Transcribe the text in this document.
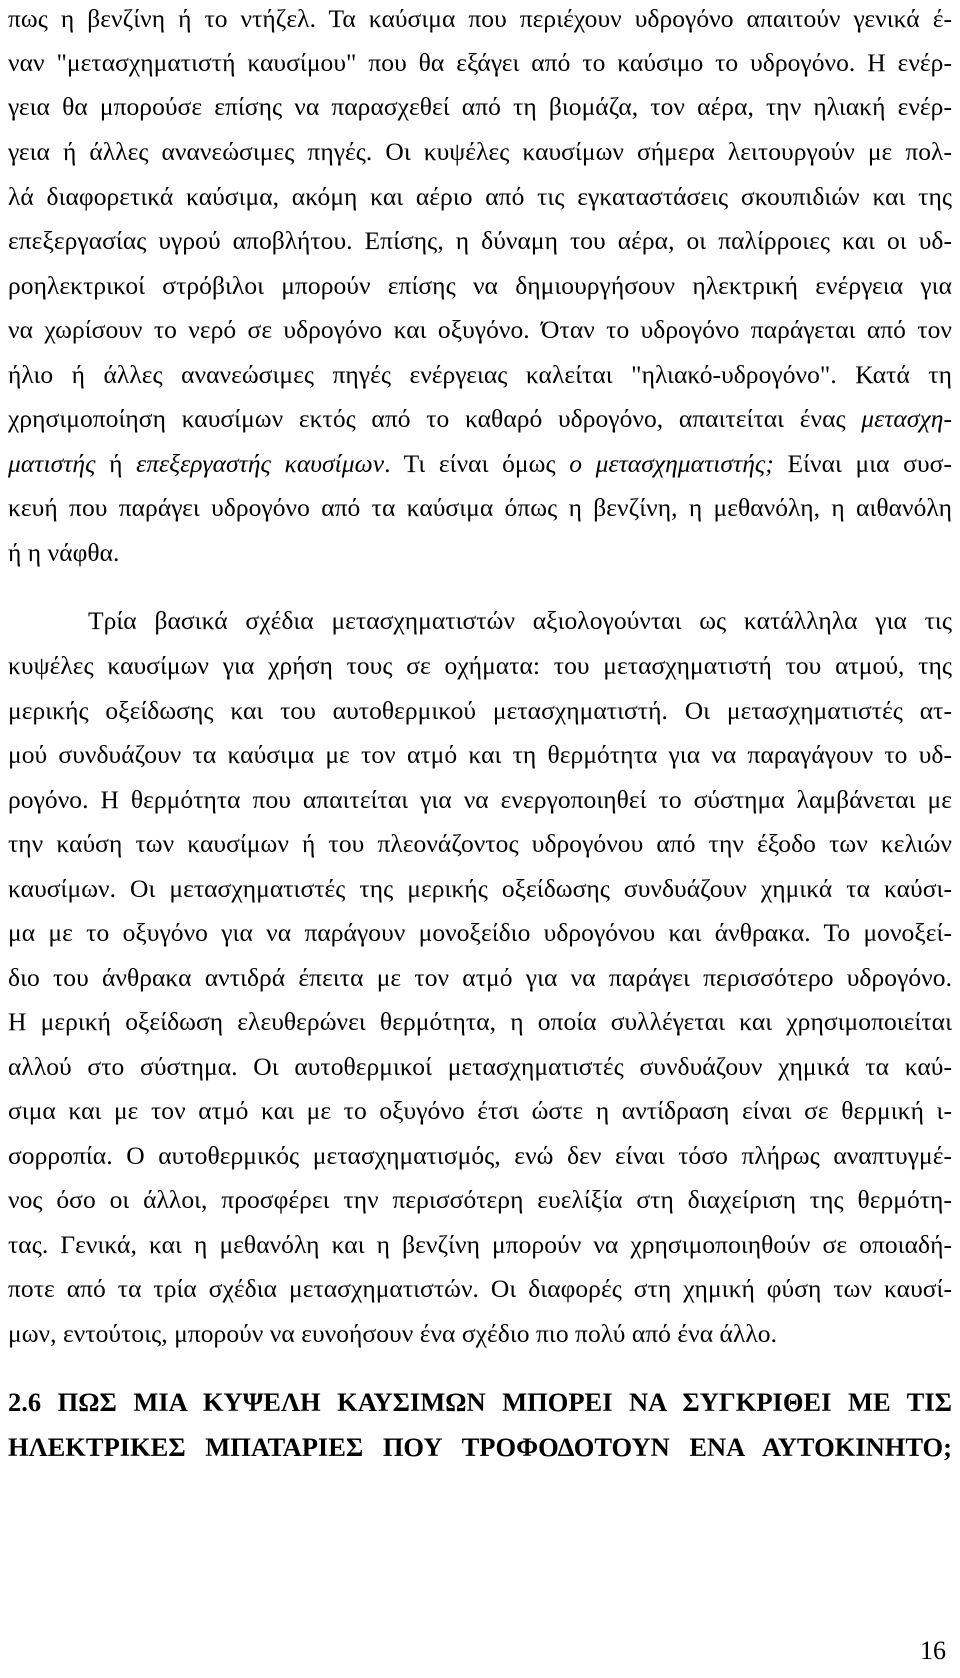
πως η βενζίνη ή το ντήζελ. Τα καύσιμα που περιέχουν υδρογόνο απαιτούν γενικά έ-
ναν "μετασχηματιστή καυσίμου" που θα εξάγει από το καύσιμο το υδρογόνο. Η ενέρ-
γεια θα μπορούσε επίσης να παρασχεθεί από τη βιομάζα, τον αέρα, την ηλιακή ενέρ-
γεια ή άλλες ανανεώσιμες πηγές. Οι κυψέλες καυσίμων σήμερα λειτουργούν με πολ-
λά διαφορετικά καύσιμα, ακόμη και αέριο από τις εγκαταστάσεις σκουπιδιών και της
επεξεργασίας υγρού αποβλήτου. Επίσης, η δύναμη του αέρα, οι παλίρροιες και οι υδ-
ροηλεκτρικοί στρόβιλοι μπορούν επίσης να δημιουργήσουν ηλεκτρική ενέργεια για
να χωρίσουν το νερό σε υδρογόνο και οξυγόνο. Όταν το υδρογόνο παράγεται από τον
ήλιο ή άλλες ανανεώσιμες πηγές ενέργειας καλείται "ηλιακό-υδρογόνο". Κατά τη
χρησιμοποίηση καυσίμων εκτός από το καθαρό υδρογόνο, απαιτείται ένας μετασχη-
ματιστής ή επεξεργαστής καυσίμων. Τι είναι όμως ο μετασχηματιστής; Είναι μια συσ-
κευή που παράγει υδρογόνο από τα καύσιμα όπως η βενζίνη, η μεθανόλη, η αιθανόλη
ή η νάφθα.
Τρία βασικά σχέδια μετασχηματιστών αξιολογούνται ως κατάλληλα για τις
κυψέλες καυσίμων για χρήση τους σε οχήματα: του μετασχηματιστή του ατμού, της
μερικής οξείδωσης και του αυτοθερμικού μετασχηματιστή. Οι μετασχηματιστές ατ-
μού συνδυάζουν τα καύσιμα με τον ατμό και τη θερμότητα για να παραγάγουν το υδ-
ρογόνο. Η θερμότητα που απαιτείται για να ενεργοποιηθεί το σύστημα λαμβάνεται με
την καύση των καυσίμων ή του πλεονάζοντος υδρογόνου από την έξοδο των κελιών
καυσίμων. Οι μετασχηματιστές της μερικής οξείδωσης συνδυάζουν χημικά τα καύσι-
μα με το οξυγόνο για να παράγουν μονοξείδιο υδρογόνου και άνθρακα. Το μονοξεί-
διο του άνθρακα αντιδρά έπειτα με τον ατμό για να παράγει περισσότερο υδρογόνο.
Η μερική οξείδωση ελευθερώνει θερμότητα, η οποία συλλέγεται και χρησιμοποιείται
αλλού στο σύστημα. Οι αυτοθερμικοί μετασχηματιστές συνδυάζουν χημικά τα καύ-
σιμα και με τον ατμό και με το οξυγόνο έτσι ώστε η αντίδραση είναι σε θερμική ι-
σορροπία. Ο αυτοθερμικός μετασχηματισμός, ενώ δεν είναι τόσο πλήρως αναπτυγμέ-
νος όσο οι άλλοι, προσφέρει την περισσότερη ευελίξία στη διαχείριση της θερμότη-
τας. Γενικά, και η μεθανόλη και η βενζίνη μπορούν να χρησιμοποιηθούν σε οποιαδή-
ποτε από τα τρία σχέδια μετασχηματιστών. Οι διαφορές στη χημική φύση των καυσί-
μων, εντούτοις, μπορούν να ευνοήσουν ένα σχέδιο πιο πολύ από ένα άλλο.
2.6 ΠΩΣ ΜΙΑ ΚΥΨΕΛΗ ΚΑΥΣΙΜΩΝ ΜΠΟΡΕΙ ΝΑ ΣΥΓΚΡΙΘΕΙ ΜΕ ΤΙΣ
ΗΛΕΚΤΡΙΚΕΣ ΜΠΑΤΑΡΙΕΣ ΠΟΥ ΤΡΟΦΟΔΟΤΟΥΝ ΕΝΑ ΑΥΤΟΚΙΝΗΤΟ;
16
